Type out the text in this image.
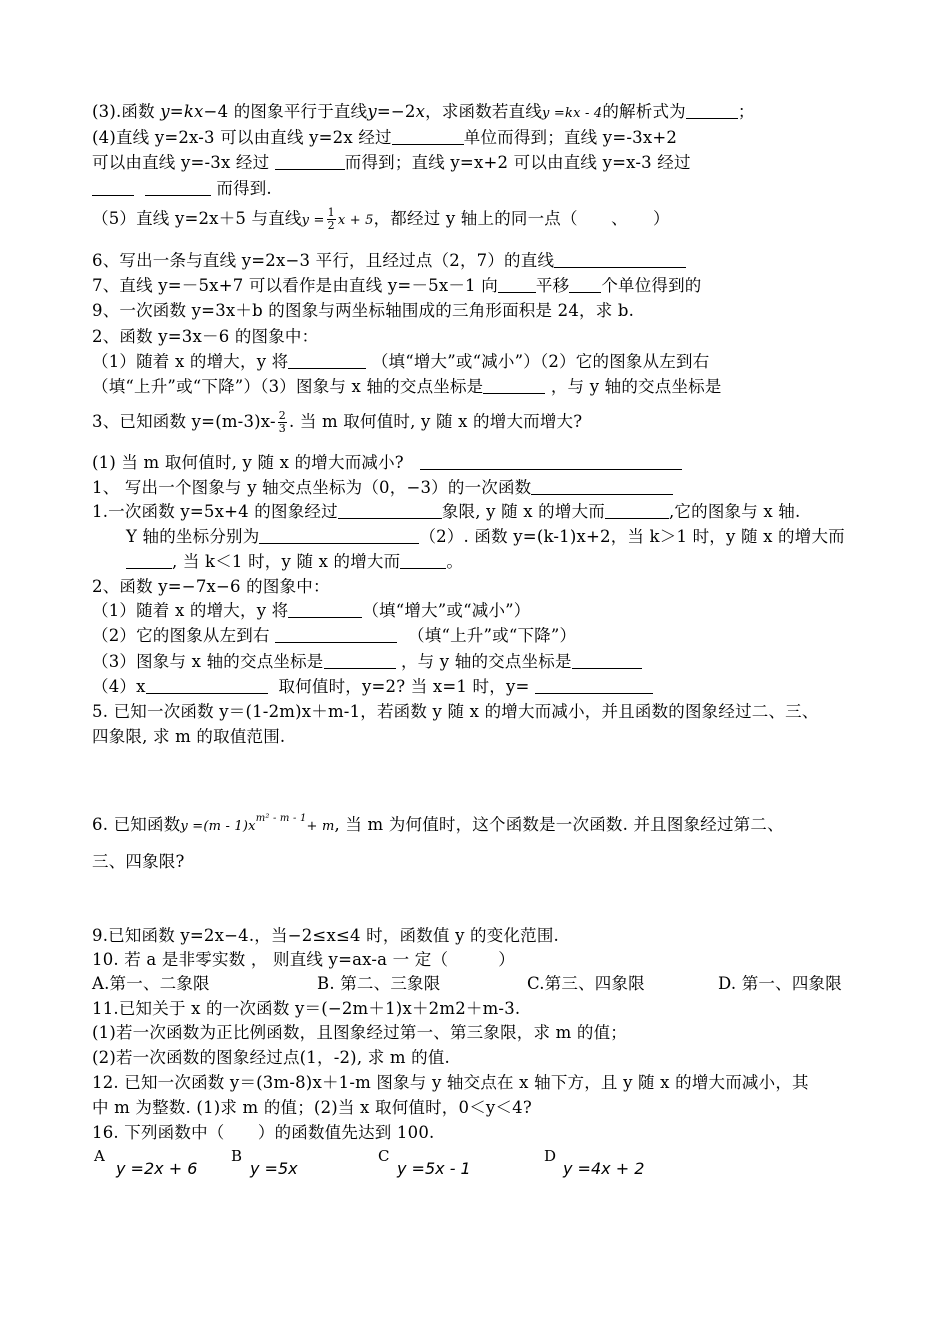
(3).函数 y=kx−4 的图象平行于直线y=−2x，求函数若直线y =kx - 4的解析式为	；
(4)直线 y=2x-3 可以由直线 y=2x 经过	单位而得到；直线 y=-3x+2
可以由直线 y=-3x 经过	而得到；直线 y=x+2 可以由直线 y=x-3 经过
而得到.
（5）直线 y=2x＋5 与直线$y = \frac{1}{2}$ x + 5，都经过 y 轴上的同一点（　　、　　）
6、写出一条与直线 y=2x−3 平行，且经过点（2，7）的直线
7、直线 y=－5x+7 可以看作是由直线 y=－5x－1 向 平移 个单位得到的
9、一次函数 y=3x＋b 的图象与两坐标轴围成的三角形面积是 24，求 b.
2、函数 y=3x－6 的图象中：
（1）随着 x 的增大，y 将	（填“增大”或“减小”）（2）它的图象从左到右
（填“上升”或“下降”）（3）图象与 x 轴的交点坐标是	，与 y 轴的交点坐标是
3、已知函数 $y=(m-3)x- \frac{2}{3}$ . 当 m 取何值时, y 随 x 的增大而增大?
(1) 当 m 取何值时, y 随 x 的增大而减小?
1、 写出一个图象与 y 轴交点坐标为（0，−3）的一次函数
1.一次函数 y=5x+4 的图象经过	象限, y 随 x 的增大而	,它的图象与 x 轴.
Y 轴的坐标分别为	（2）. 函数 y=(k-1)x+2，当 k＞1 时，y 随 x 的增大而
, 当 k＜1 时，y 随 x 的增大而	。
2、函数 y=−7x−6 的图象中：
（1）随着 x 的增大，y 将	（填“增大”或“减小”）
（2）它的图象从左到右	（填“上升”或“下降”）
（3）图象与 x 轴的交点坐标是	，与 y 轴的交点坐标是
（4）x	取何值时，y=2? 当 x=1 时，y=
5. 已知一次函数 y＝(1-2m)x＋m-1，若函数 y 随 x 的增大而减小，并且函数的图象经过二、三、
四象限, 求 m 的取值范围.
6. 已知函数$y =(m - 1)x^{m^2 - m - 1}+ m$, 当 m 为何值时，这个函数是一次函数. 并且图象经过第二、
三、四象限?
9.已知函数 y=2x−4.，当−2≤x≤4 时，函数值 y 的变化范围.
10. 若 a 是非零实数 ， 则直线 y=ax-a 一 定（　　　）
A.第一、二象限	B. 第二、三象限	C.第三、四象限	D. 第一、四象限
11.已知关于 x 的一次函数 y＝(−2m＋1)x＋2m2＋m-3.
(1)若一次函数为正比例函数，且图象经过第一、第三象限，求 m 的值；
(2)若一次函数的图象经过点(1，-2), 求 m 的值.
12. 已知一次函数 y＝(3m-8)x＋1-m 图象与 y 轴交点在 x 轴下方，且 y 随 x 的增大而减小，其
中 m 为整数. (1)求 m 的值；(2)当 x 取何值时，0＜y＜4?
16. 下列函数中（　　）的函数值先达到 100.
A
y =2x + 6
B
y =5x
C
y =5x - 1
D
y =4x + 2
